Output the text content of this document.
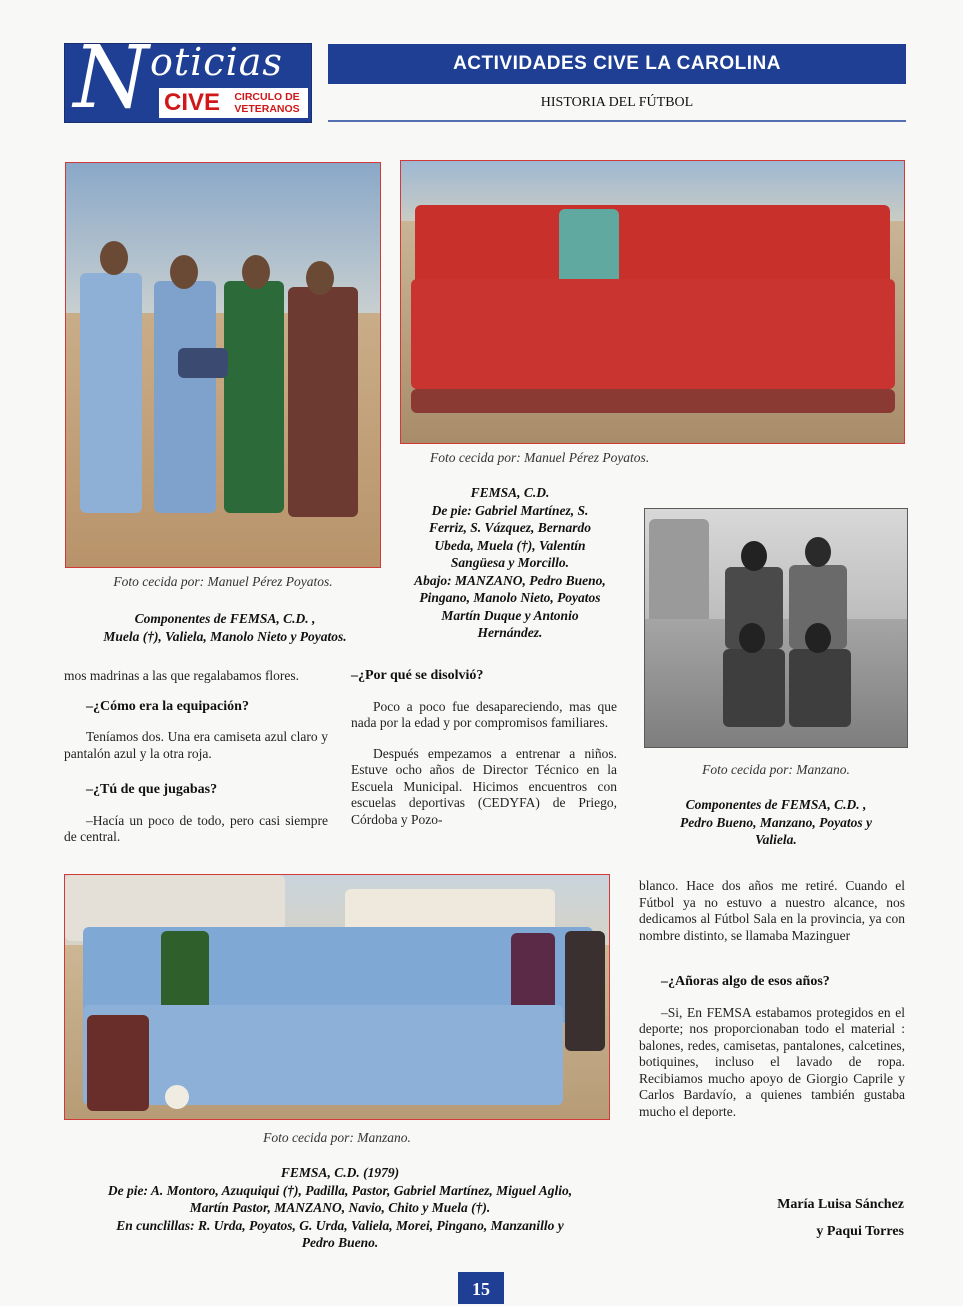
N oticias
CIVE	CIRCULO DE
VETERANOS
ACTIVIDADES CIVE LA CAROLINA
HISTORIA DEL FÚTBOL
Foto cecida por: Manuel Pérez Poyatos.
Componentes de FEMSA, C.D. ,
Muela (†), Valiela, Manolo Nieto y Poyatos.
Foto cecida por: Manuel Pérez Poyatos.
FEMSA, C.D.
De pie: Gabriel Martínez, S.
Ferriz, S. Vázquez, Bernardo
Ubeda, Muela (†), Valentín
Sangüesa y Morcillo.
Abajo: MANZANO, Pedro Bueno,
Pingano, Manolo Nieto, Poyatos
Martín Duque y Antonio
Hernández.
Foto cecida por: Manzano.
Componentes de FEMSA, C.D. ,
Pedro Bueno, Manzano, Poyatos y
Valiela.

mos madrinas a las que regalabamos flores.

–¿Cómo era la equipación?

Teníamos dos. Una era camiseta azul claro y pantalón azul y la otra roja.

–¿Tú de que jugabas?

–Hacía un poco de todo, pero casi siempre de central.

–¿Por qué se disolvió?

Poco a poco fue desapareciendo, mas que nada por la edad y por compromisos familiares.

Después empezamos a entrenar a niños. Estuve ocho años de Director Técnico en la Escuela Municipal. Hicimos encuentros con escuelas deportivas (CEDYFA) de Priego, Córdoba y Pozo-

Foto cecida por: Manzano.
FEMSA, C.D. (1979)
De pie: A. Montoro, Azuquiqui (†), Padilla, Pastor, Gabriel Martínez, Miguel Aglio,
Martín Pastor, MANZANO, Navio, Chito y Muela (†).
En cunclillas: R. Urda, Poyatos, G. Urda, Valiela, Morei, Pingano, Manzanillo y
Pedro Bueno.

blanco. Hace dos años me retiré. Cuando el Fútbol ya no estuvo a nuestro alcance, nos dedicamos al Fútbol Sala en la provincia, ya con nombre distinto, se llamaba Mazinguer

–¿Añoras algo de esos años?

–Si, En FEMSA estabamos protegidos en el deporte; nos proporcionaban todo el material : balones, redes, camisetas, pantalones, calcetines, botiquines, incluso el lavado de ropa. Recibiamos mucho apoyo de Giorgio Caprile y Carlos Bardavío, a quienes también gustaba mucho el deporte.

María Luisa Sánchez
y Paqui Torres
15
